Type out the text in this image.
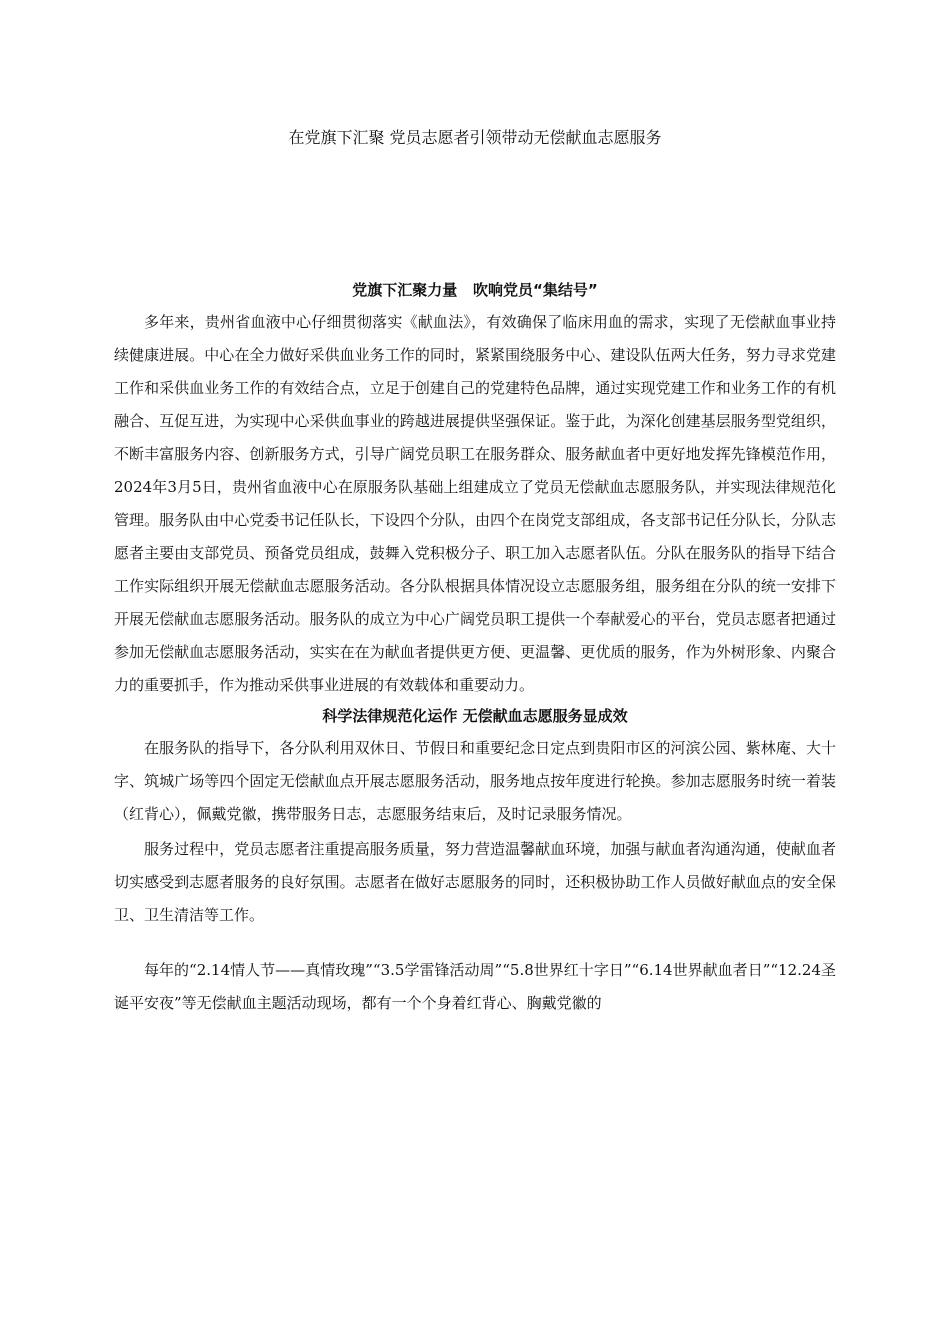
在党旗下汇聚 党员志愿者引领带动无偿献血志愿服务
党旗下汇聚力量   吹响党员“集结号”

多年来，贵州省血液中心仔细贯彻落实《献血法》，有效确保了临床用血的需求，实现了无偿献血事业持续健康进展。中心在全力做好采供血业务工作的同时，紧紧围绕服务中心、建设队伍两大任务，努力寻求党建工作和采供血业务工作的有效结合点，立足于创建自己的党建特色品牌，通过实现党建工作和业务工作的有机融合、互促互进，为实现中心采供血事业的跨越进展提供坚强保证。鉴于此，为深化创建基层服务型党组织，不断丰富服务内容、创新服务方式，引导广阔党员职工在服务群众、服务献血者中更好地发挥先锋模范作用，2024年3月5日，贵州省血液中心在原服务队基础上组建成立了党员无偿献血志愿服务队，并实现法律规范化管理。服务队由中心党委书记任队长，下设四个分队，由四个在岗党支部组成，各支部书记任分队长，分队志愿者主要由支部党员、预备党员组成，鼓舞入党积极分子、职工加入志愿者队伍。分队在服务队的指导下结合工作实际组织开展无偿献血志愿服务活动。各分队根据具体情况设立志愿服务组，服务组在分队的统一安排下开展无偿献血志愿服务活动。服务队的成立为中心广阔党员职工提供一个奉献爱心的平台，党员志愿者把通过参加无偿献血志愿服务活动，实实在在为献血者提供更方便、更温馨、更优质的服务，作为外树形象、内聚合力的重要抓手，作为推动采供事业进展的有效载体和重要动力。

科学法律规范化运作 无偿献血志愿服务显成效

在服务队的指导下，各分队利用双休日、节假日和重要纪念日定点到贵阳市区的河滨公园、紫林庵、大十字、筑城广场等四个固定无偿献血点开展志愿服务活动，服务地点按年度进行轮换。参加志愿服务时统一着装（红背心），佩戴党徽，携带服务日志，志愿服务结束后，及时记录服务情况。

服务过程中，党员志愿者注重提高服务质量，努力营造温馨献血环境，加强与献血者沟通沟通，使献血者切实感受到志愿者服务的良好氛围。志愿者在做好志愿服务的同时，还积极协助工作人员做好献血点的安全保卫、卫生清洁等工作。

每年的“2.14情人节——真情玫瑰”“3.5学雷锋活动周”“5.8世界红十字日”“6.14世界献血者日”“12.24圣诞平安夜”等无偿献血主题活动现场，都有一个个身着红背心、胸戴党徽的
